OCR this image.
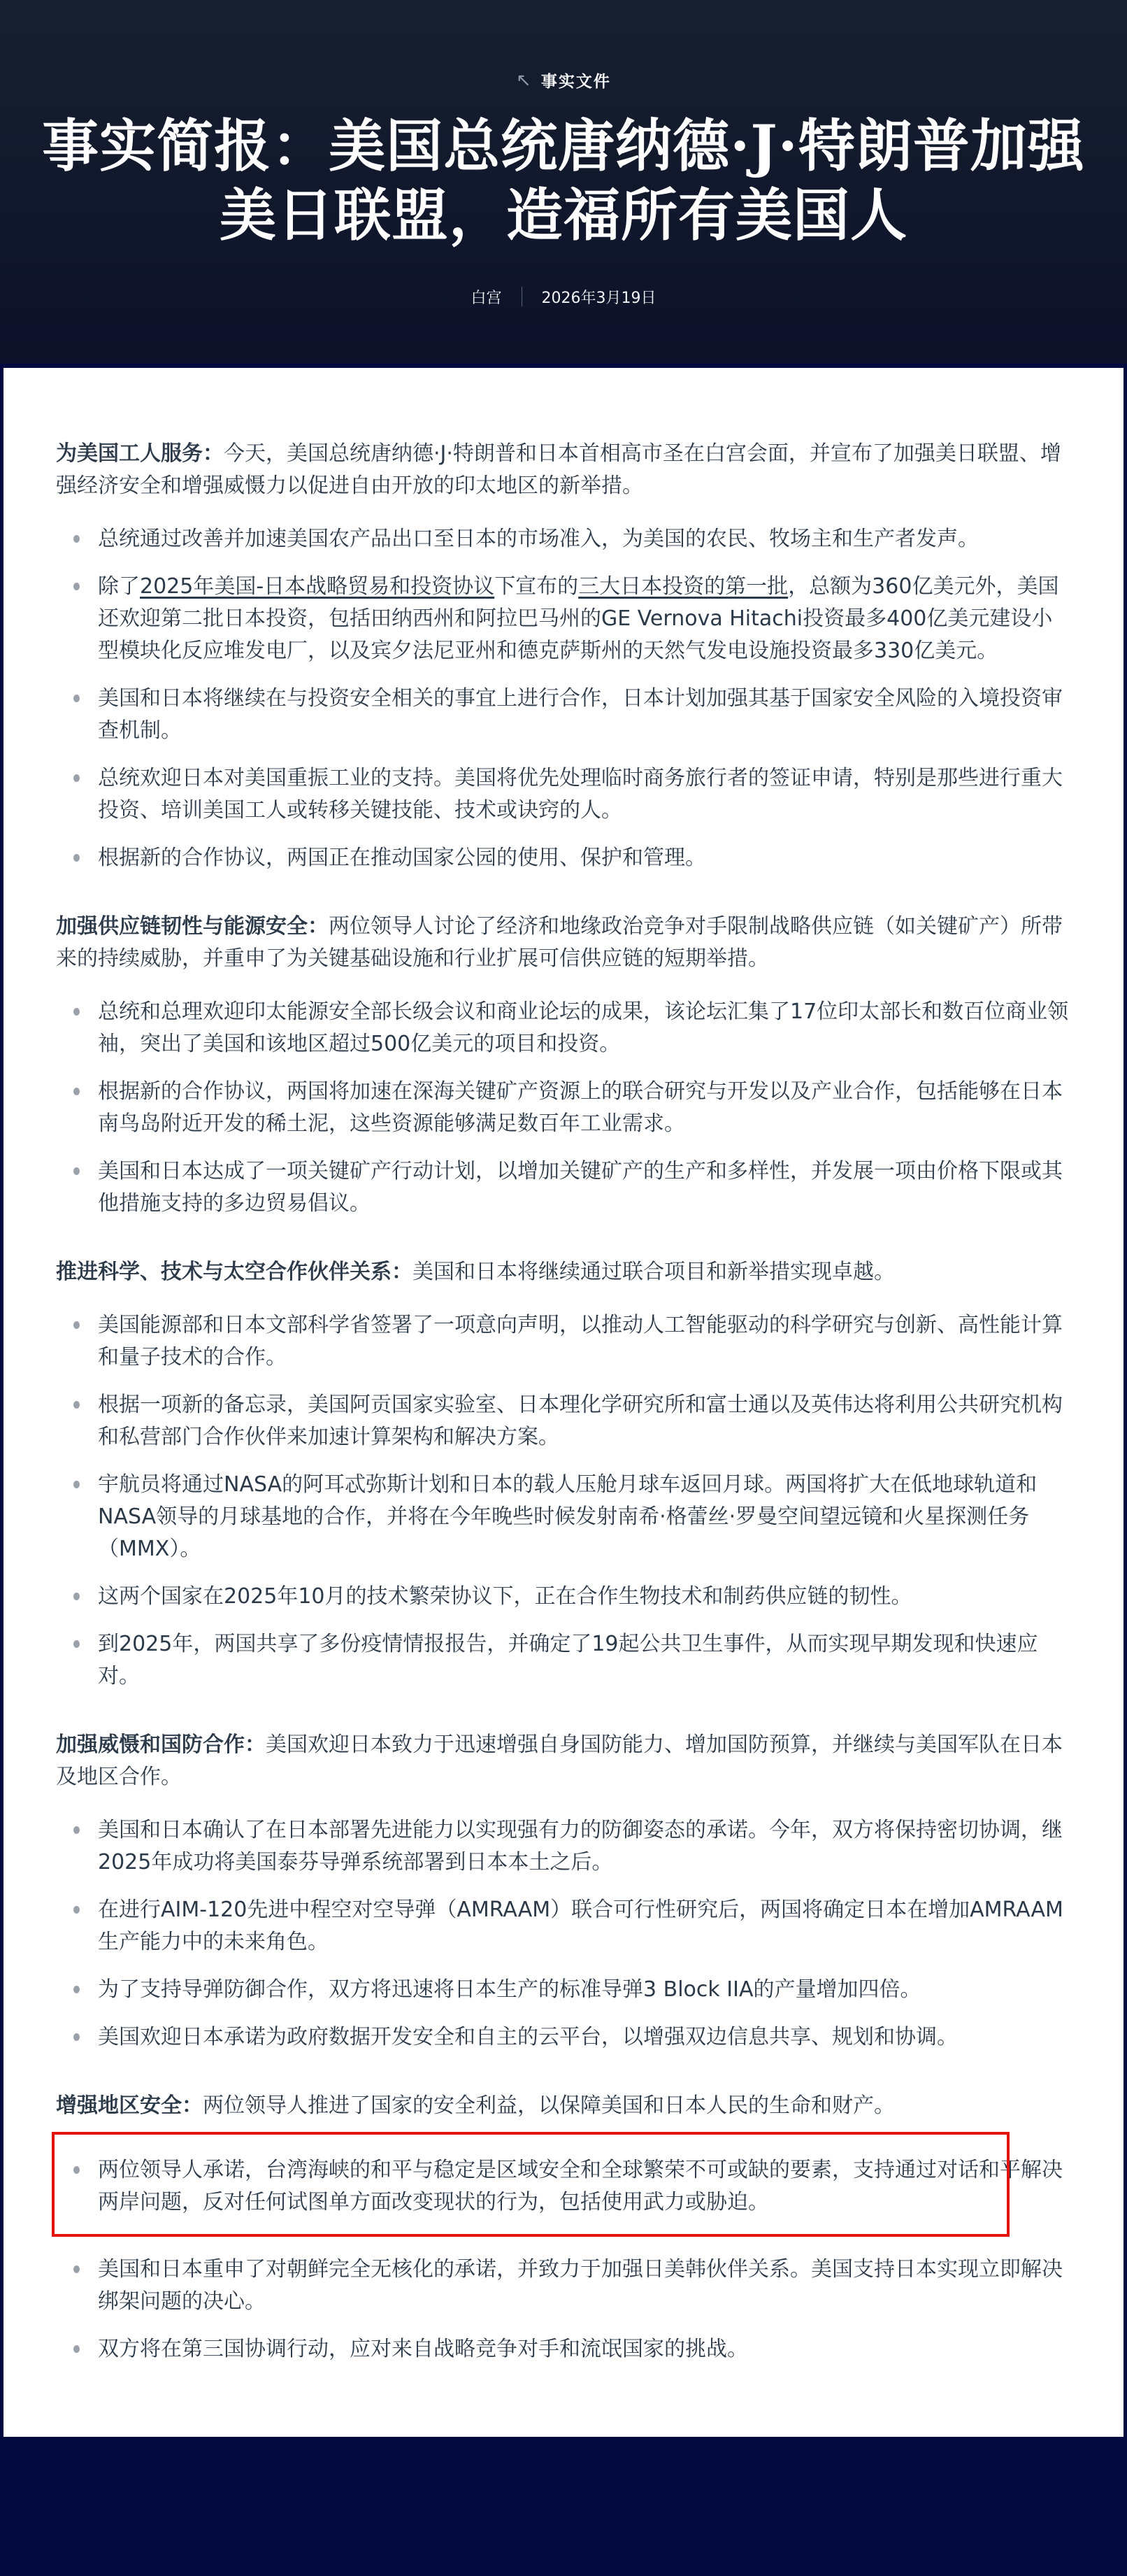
↖ 事实文件
事实简报：美国总统唐纳德·J·特朗普加强美日联盟，造福所有美国人
白宫	2026年3月19日

为美国工人服务：今天，美国总统唐纳德·J·特朗普和日本首相高市圣在白宫会面，并宣布了加强美日联盟、增强经济安全和增强威慑力以促进自由开放的印太地区的新举措。

总统通过改善并加速美国农产品出口至日本的市场准入，为美国的农民、牧场主和生产者发声。
除了2025年美国-日本战略贸易和投资协议下宣布的三大日本投资的第一批，总额为360亿美元外，美国还欢迎第二批日本投资，包括田纳西州和阿拉巴马州的GE Vernova Hitachi投资最多400亿美元建设小型模块化反应堆发电厂，以及宾夕法尼亚州和德克萨斯州的天然气发电设施投资最多330亿美元。
美国和日本将继续在与投资安全相关的事宜上进行合作，日本计划加强其基于国家安全风险的入境投资审查机制。
总统欢迎日本对美国重振工业的支持。美国将优先处理临时商务旅行者的签证申请，特别是那些进行重大投资、培训美国工人或转移关键技能、技术或诀窍的人。
根据新的合作协议，两国正在推动国家公园的使用、保护和管理。

加强供应链韧性与能源安全：两位领导人讨论了经济和地缘政治竞争对手限制战略供应链（如关键矿产）所带来的持续威胁，并重申了为关键基础设施和行业扩展可信供应链的短期举措。

总统和总理欢迎印太能源安全部长级会议和商业论坛的成果，该论坛汇集了17位印太部长和数百位商业领袖，突出了美国和该地区超过500亿美元的项目和投资。
根据新的合作协议，两国将加速在深海关键矿产资源上的联合研究与开发以及产业合作，包括能够在日本南鸟岛附近开发的稀土泥，这些资源能够满足数百年工业需求。
美国和日本达成了一项关键矿产行动计划，以增加关键矿产的生产和多样性，并发展一项由价格下限或其他措施支持的多边贸易倡议。

推进科学、技术与太空合作伙伴关系：美国和日本将继续通过联合项目和新举措实现卓越。

美国能源部和日本文部科学省签署了一项意向声明，以推动人工智能驱动的科学研究与创新、高性能计算和量子技术的合作。
根据一项新的备忘录，美国阿贡国家实验室、日本理化学研究所和富士通以及英伟达将利用公共研究机构和私营部门合作伙伴来加速计算架构和解决方案。
宇航员将通过NASA的阿耳忒弥斯计划和日本的载人压舱月球车返回月球。两国将扩大在低地球轨道和NASA领导的月球基地的合作，并将在今年晚些时候发射南希·格蕾丝·罗曼空间望远镜和火星探测任务（MMX）。
这两个国家在2025年10月的技术繁荣协议下，正在合作生物技术和制药供应链的韧性。
到2025年，两国共享了多份疫情情报报告，并确定了19起公共卫生事件，从而实现早期发现和快速应对。

加强威慑和国防合作：美国欢迎日本致力于迅速增强自身国防能力、增加国防预算，并继续与美国军队在日本及地区合作。

美国和日本确认了在日本部署先进能力以实现强有力的防御姿态的承诺。今年，双方将保持密切协调，继2025年成功将美国泰芬导弹系统部署到日本本土之后。
在进行AIM-120先进中程空对空导弹（AMRAAM）联合可行性研究后，两国将确定日本在增加AMRAAM生产能力中的未来角色。
为了支持导弹防御合作，双方将迅速将日本生产的标准导弹3 Block IIA的产量增加四倍。
美国欢迎日本承诺为政府数据开发安全和自主的云平台，以增强双边信息共享、规划和协调。

增强地区安全：两位领导人推进了国家的安全利益，以保障美国和日本人民的生命和财产。

两位领导人承诺，台湾海峡的和平与稳定是区域安全和全球繁荣不可或缺的要素，支持通过对话和平解决两岸问题，反对任何试图单方面改变现状的行为，包括使用武力或胁迫。
美国和日本重申了对朝鲜完全无核化的承诺，并致力于加强日美韩伙伴关系。美国支持日本实现立即解决绑架问题的决心。
双方将在第三国协调行动，应对来自战略竞争对手和流氓国家的挑战。
